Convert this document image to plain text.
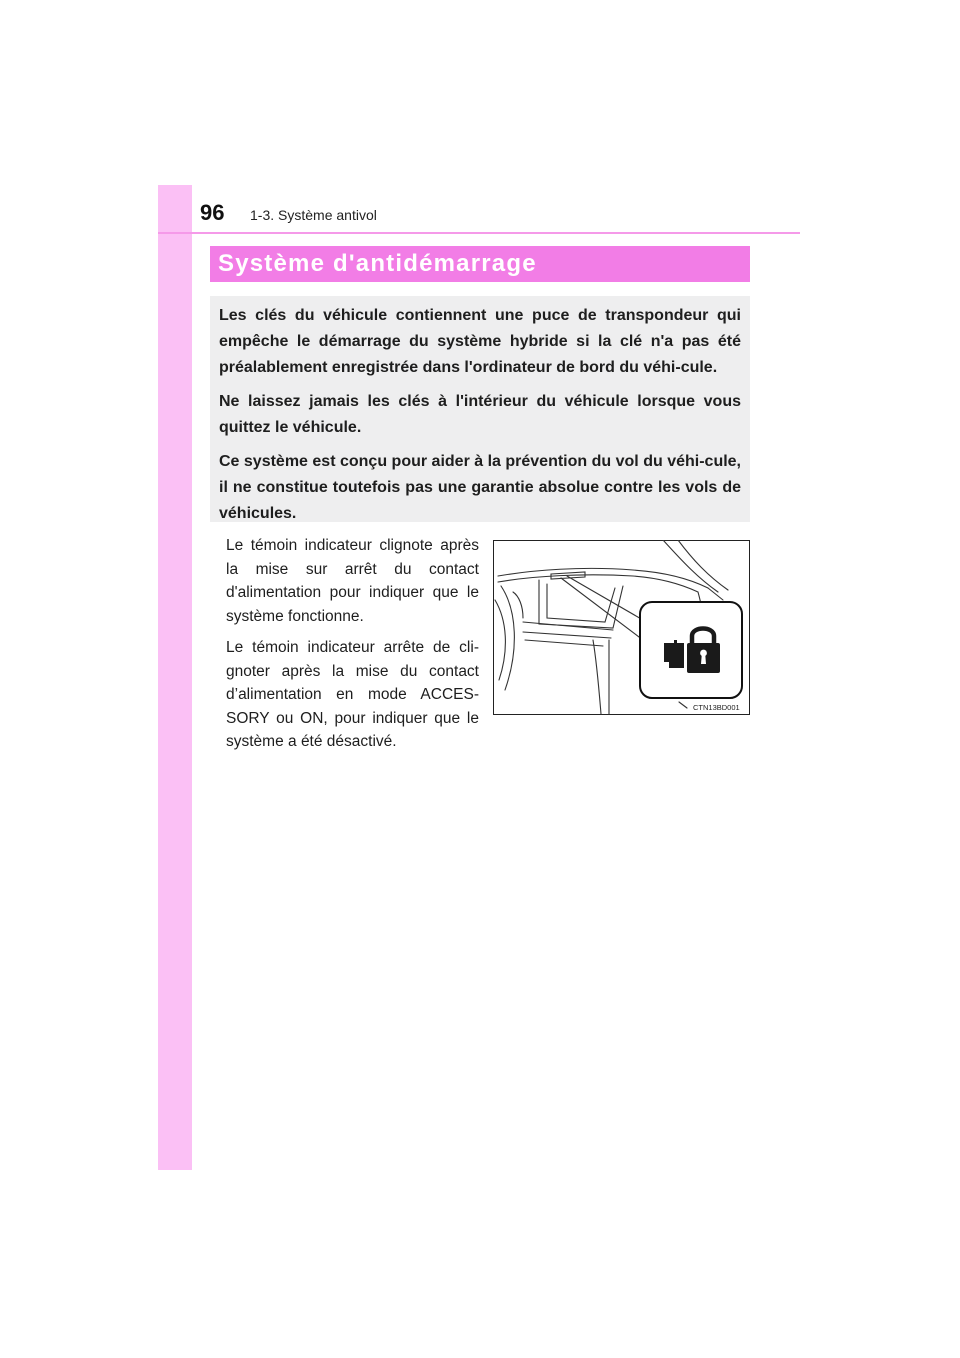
96 1-3. Système antivol
Système d'antidémarrage

Les clés du véhicule contiennent une puce de transpondeur qui empêche le démarrage du système hybride si la clé n'a pas été préalablement enregistrée dans l'ordinateur de bord du véhi-cule.

Ne laissez jamais les clés à l'intérieur du véhicule lorsque vous quittez le véhicule.

Ce système est conçu pour aider à la prévention du vol du véhi-cule, il ne constitue toutefois pas une garantie absolue contre les vols de véhicules.

Le témoin indicateur clignote après la mise sur arrêt du contact d'alimentation pour indiquer que le système fonctionne.

Le témoin indicateur arrête de cli-gnoter après la mise du contact d’alimentation en mode ACCES-SORY ou ON, pour indiquer que le système a été désactivé.

CTN13BD001
